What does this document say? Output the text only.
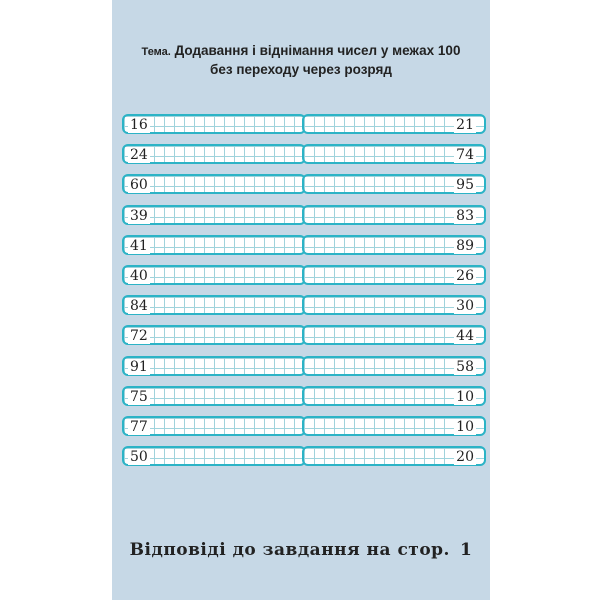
Тема. Додавання і віднімання чисел у межах 100
без переходу через розряд
16	21
24	74
60	95
39	83
41	89
40	26
84	30
72	44
91	58
75	10
77	10
50	20
Відповіді до завдання на стор. 1
